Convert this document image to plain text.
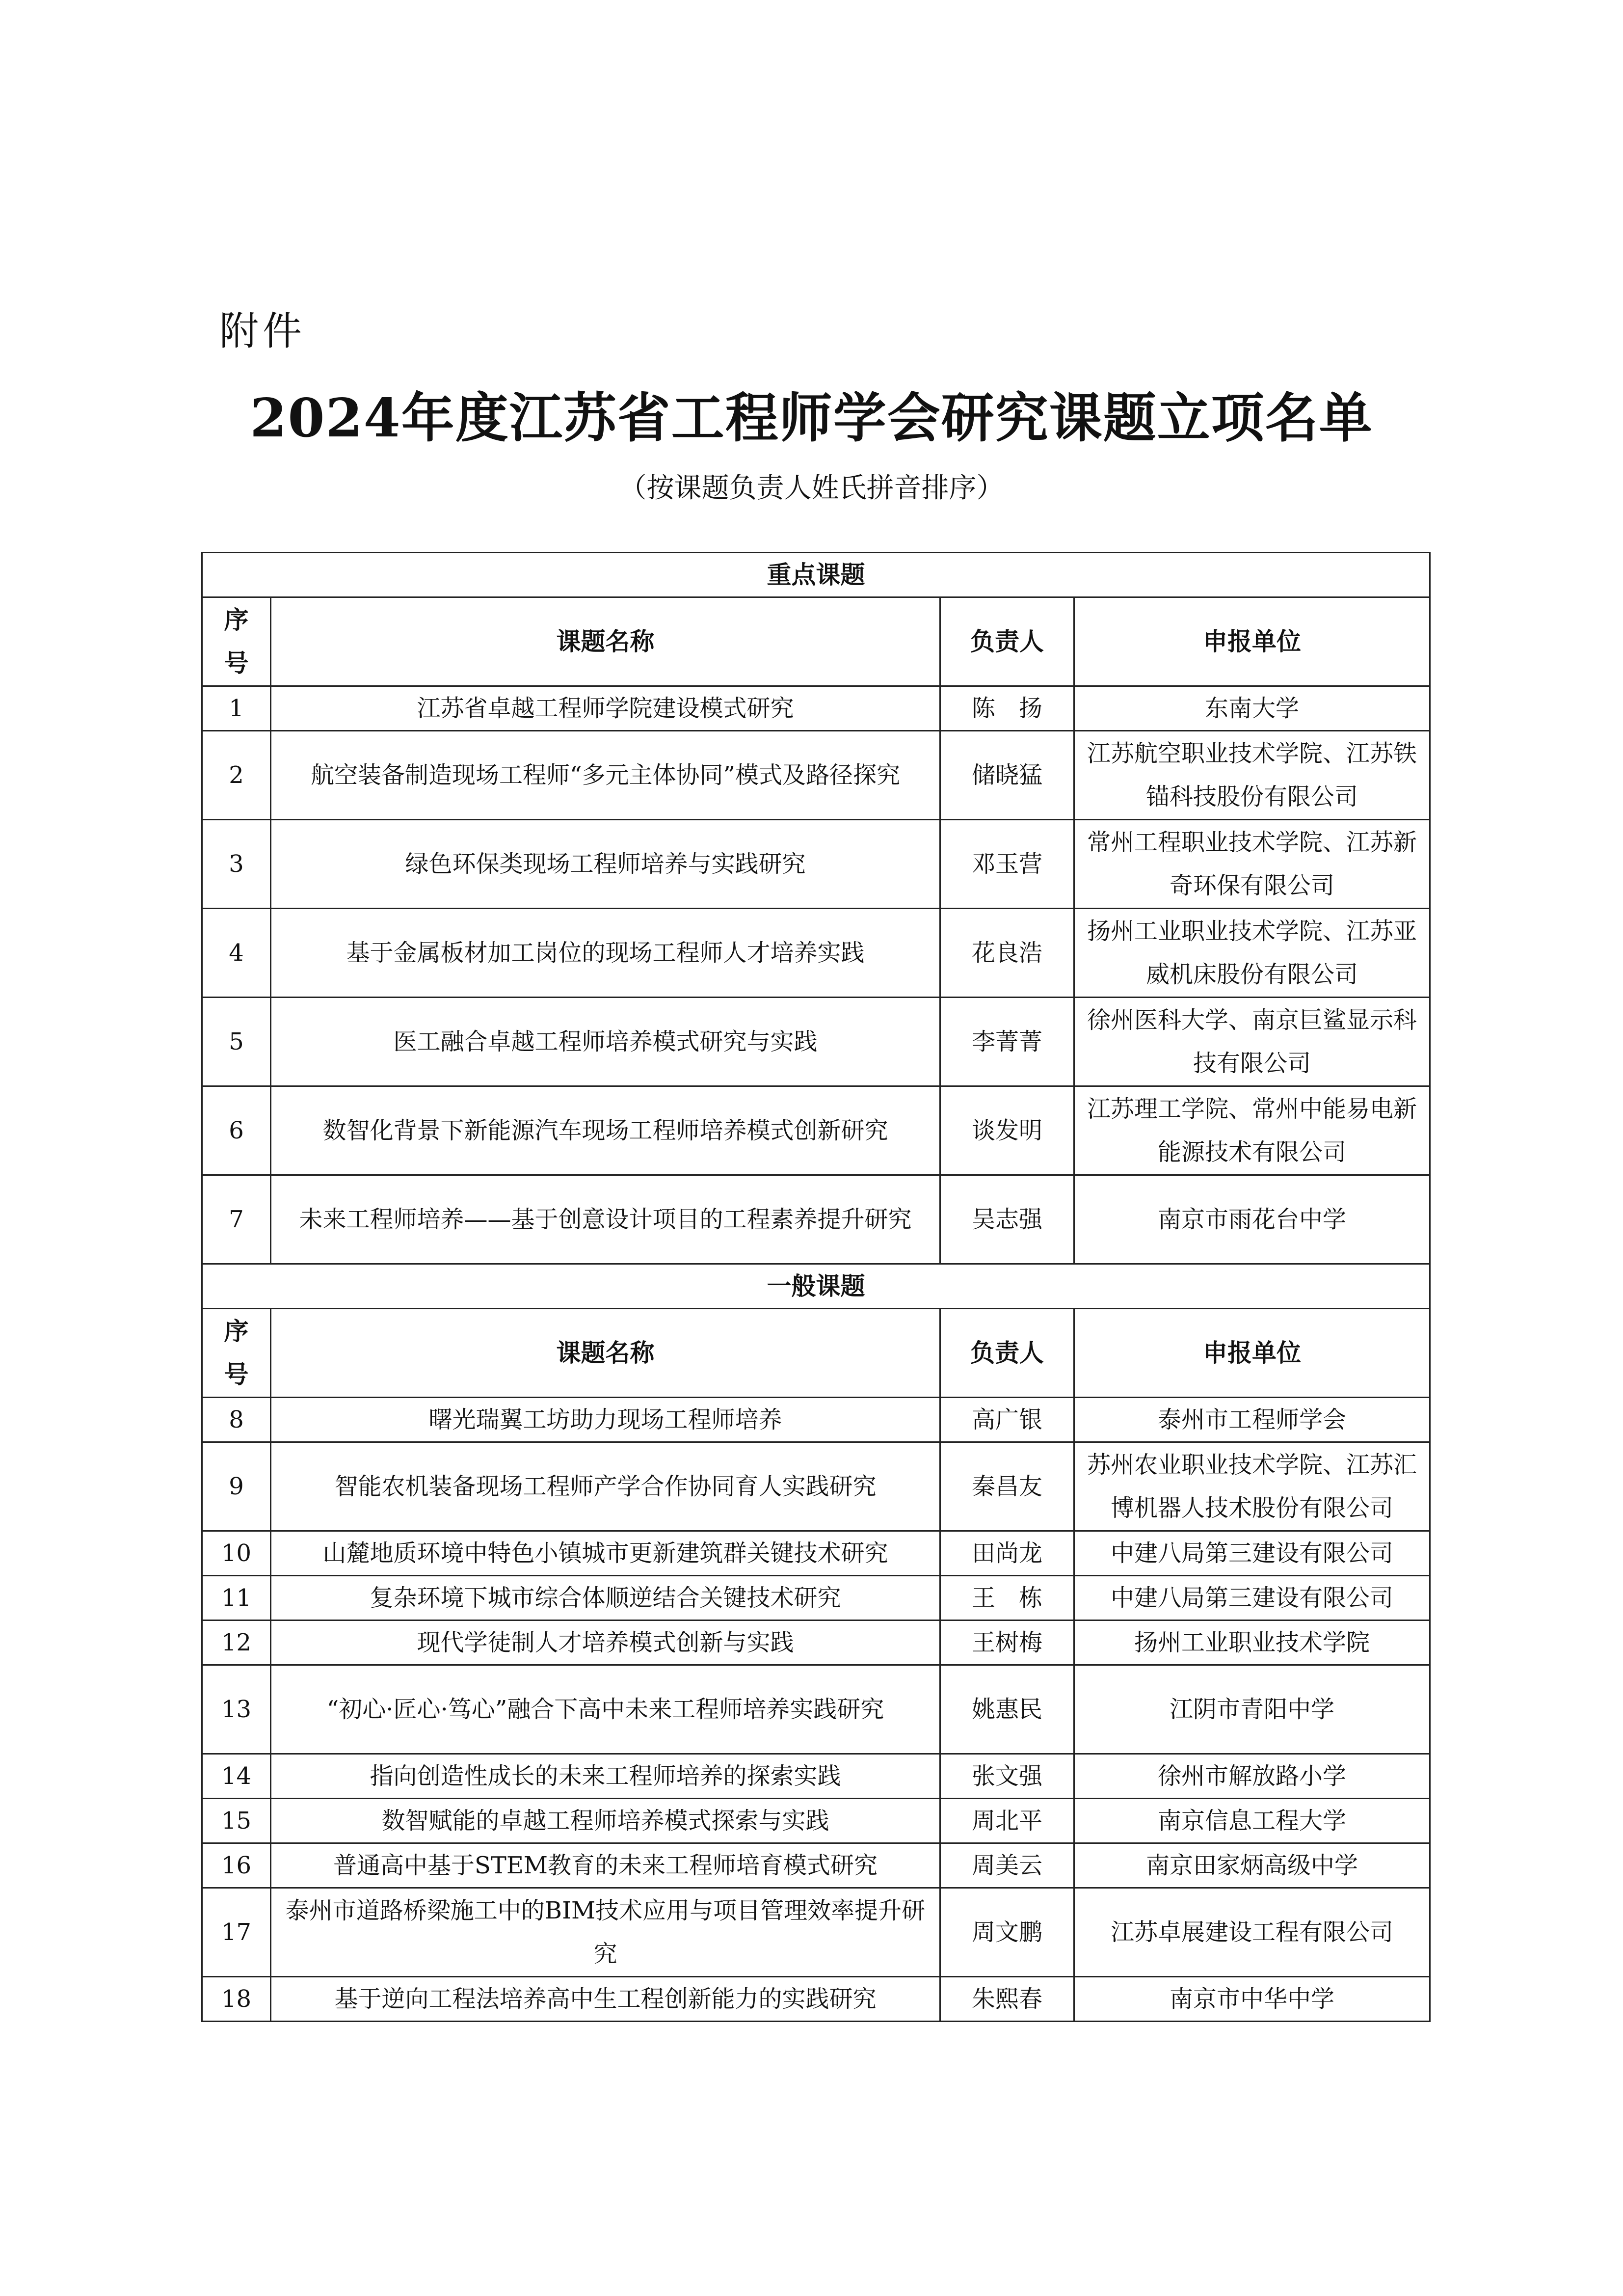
附件
2024年度江苏省工程师学会研究课题立项名单
（按课题负责人姓氏拼音排序）
重点课题			
序
号	课题名称	负责人	申报单位
1	江苏省卓越工程师学院建设模式研究	陈　扬	东南大学
2	航空装备制造现场工程师“多元主体协同”模式及路径探究	储晓猛	江苏航空职业技术学院、江苏铁锚科技股份有限公司
3	绿色环保类现场工程师培养与实践研究	邓玉营	常州工程职业技术学院、江苏新奇环保有限公司
4	基于金属板材加工岗位的现场工程师人才培养实践	花良浩	扬州工业职业技术学院、江苏亚威机床股份有限公司
5	医工融合卓越工程师培养模式研究与实践	李菁菁	徐州医科大学、南京巨鲨显示科技有限公司
6	数智化背景下新能源汽车现场工程师培养模式创新研究	谈发明	江苏理工学院、常州中能易电新能源技术有限公司
7	未来工程师培养——基于创意设计项目的工程素养提升研究	吴志强	南京市雨花台中学
一般课题			
序
号	课题名称	负责人	申报单位
8	曙光瑞翼工坊助力现场工程师培养	高广银	泰州市工程师学会
9	智能农机装备现场工程师产学合作协同育人实践研究	秦昌友	苏州农业职业技术学院、江苏汇博机器人技术股份有限公司
10	山麓地质环境中特色小镇城市更新建筑群关键技术研究	田尚龙	中建八局第三建设有限公司
11	复杂环境下城市综合体顺逆结合关键技术研究	王　栋	中建八局第三建设有限公司
12	现代学徒制人才培养模式创新与实践	王树梅	扬州工业职业技术学院
13	“初心·匠心·笃心”融合下高中未来工程师培养实践研究	姚惠民	江阴市青阳中学
14	指向创造性成长的未来工程师培养的探索实践	张文强	徐州市解放路小学
15	数智赋能的卓越工程师培养模式探索与实践	周北平	南京信息工程大学
16	普通高中基于STEM教育的未来工程师培育模式研究	周美云	南京田家炳高级中学
17	泰州市道路桥梁施工中的BIM技术应用与项目管理效率提升研究	周文鹏	江苏卓展建设工程有限公司
18	基于逆向工程法培养高中生工程创新能力的实践研究	朱熙春	南京市中华中学
